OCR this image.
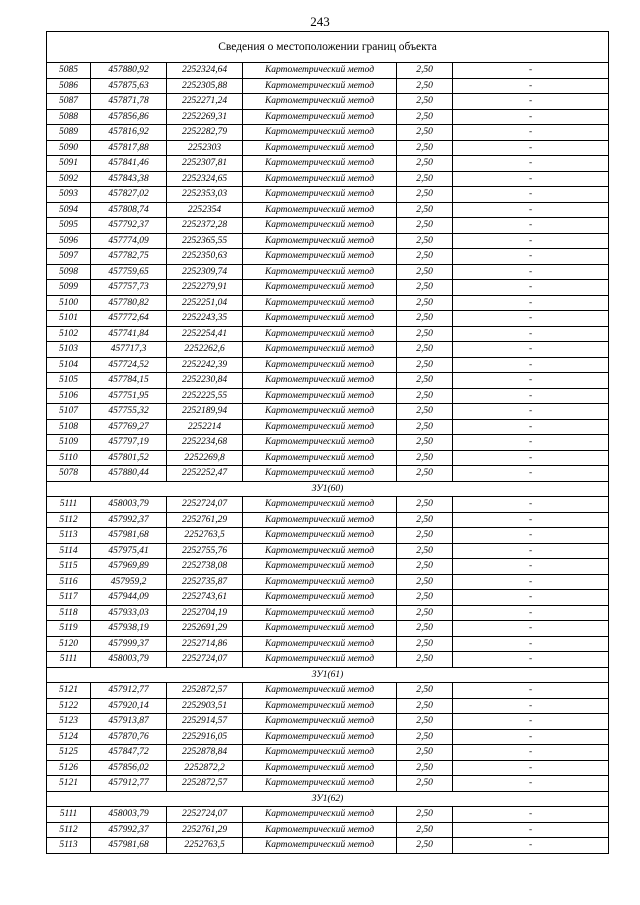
243
Сведения о местоположении границ объекта					
5085	457880,92	2252324,64	Картометрический метод	2,50	-
5086	457875,63	2252305,88	Картометрический метод	2,50	-
5087	457871,78	2252271,24	Картометрический метод	2,50	-
5088	457856,86	2252269,31	Картометрический метод	2,50	-
5089	457816,92	2252282,79	Картометрический метод	2,50	-
5090	457817,88	2252303	Картометрический метод	2,50	-
5091	457841,46	2252307,81	Картометрический метод	2,50	-
5092	457843,38	2252324,65	Картометрический метод	2,50	-
5093	457827,02	2252353,03	Картометрический метод	2,50	-
5094	457808,74	2252354	Картометрический метод	2,50	-
5095	457792,37	2252372,28	Картометрический метод	2,50	-
5096	457774,09	2252365,55	Картометрический метод	2,50	-
5097	457782,75	2252350,63	Картометрический метод	2,50	-
5098	457759,65	2252309,74	Картометрический метод	2,50	-
5099	457757,73	2252279,91	Картометрический метод	2,50	-
5100	457780,82	2252251,04	Картометрический метод	2,50	-
5101	457772,64	2252243,35	Картометрический метод	2,50	-
5102	457741,84	2252254,41	Картометрический метод	2,50	-
5103	457717,3	2252262,6	Картометрический метод	2,50	-
5104	457724,52	2252242,39	Картометрический метод	2,50	-
5105	457784,15	2252230,84	Картометрический метод	2,50	-
5106	457751,95	2252225,55	Картометрический метод	2,50	-
5107	457755,32	2252189,94	Картометрический метод	2,50	-
5108	457769,27	2252214	Картометрический метод	2,50	-
5109	457797,19	2252234,68	Картометрический метод	2,50	-
5110	457801,52	2252269,8	Картометрический метод	2,50	-
5078	457880,44	2252252,47	Картометрический метод	2,50	-
ЗУ1(60)					
5111	458003,79	2252724,07	Картометрический метод	2,50	-
5112	457992,37	2252761,29	Картометрический метод	2,50	-
5113	457981,68	2252763,5	Картометрический метод	2,50	-
5114	457975,41	2252755,76	Картометрический метод	2,50	-
5115	457969,89	2252738,08	Картометрический метод	2,50	-
5116	457959,2	2252735,87	Картометрический метод	2,50	-
5117	457944,09	2252743,61	Картометрический метод	2,50	-
5118	457933,03	2252704,19	Картометрический метод	2,50	-
5119	457938,19	2252691,29	Картометрический метод	2,50	-
5120	457999,37	2252714,86	Картометрический метод	2,50	-
5111	458003,79	2252724,07	Картометрический метод	2,50	-
ЗУ1(61)					
5121	457912,77	2252872,57	Картометрический метод	2,50	-
5122	457920,14	2252903,51	Картометрический метод	2,50	-
5123	457913,87	2252914,57	Картометрический метод	2,50	-
5124	457870,76	2252916,05	Картометрический метод	2,50	-
5125	457847,72	2252878,84	Картометрический метод	2,50	-
5126	457856,02	2252872,2	Картометрический метод	2,50	-
5121	457912,77	2252872,57	Картометрический метод	2,50	-
ЗУ1(62)					
5111	458003,79	2252724,07	Картометрический метод	2,50	-
5112	457992,37	2252761,29	Картометрический метод	2,50	-
5113	457981,68	2252763,5	Картометрический метод	2,50	-
